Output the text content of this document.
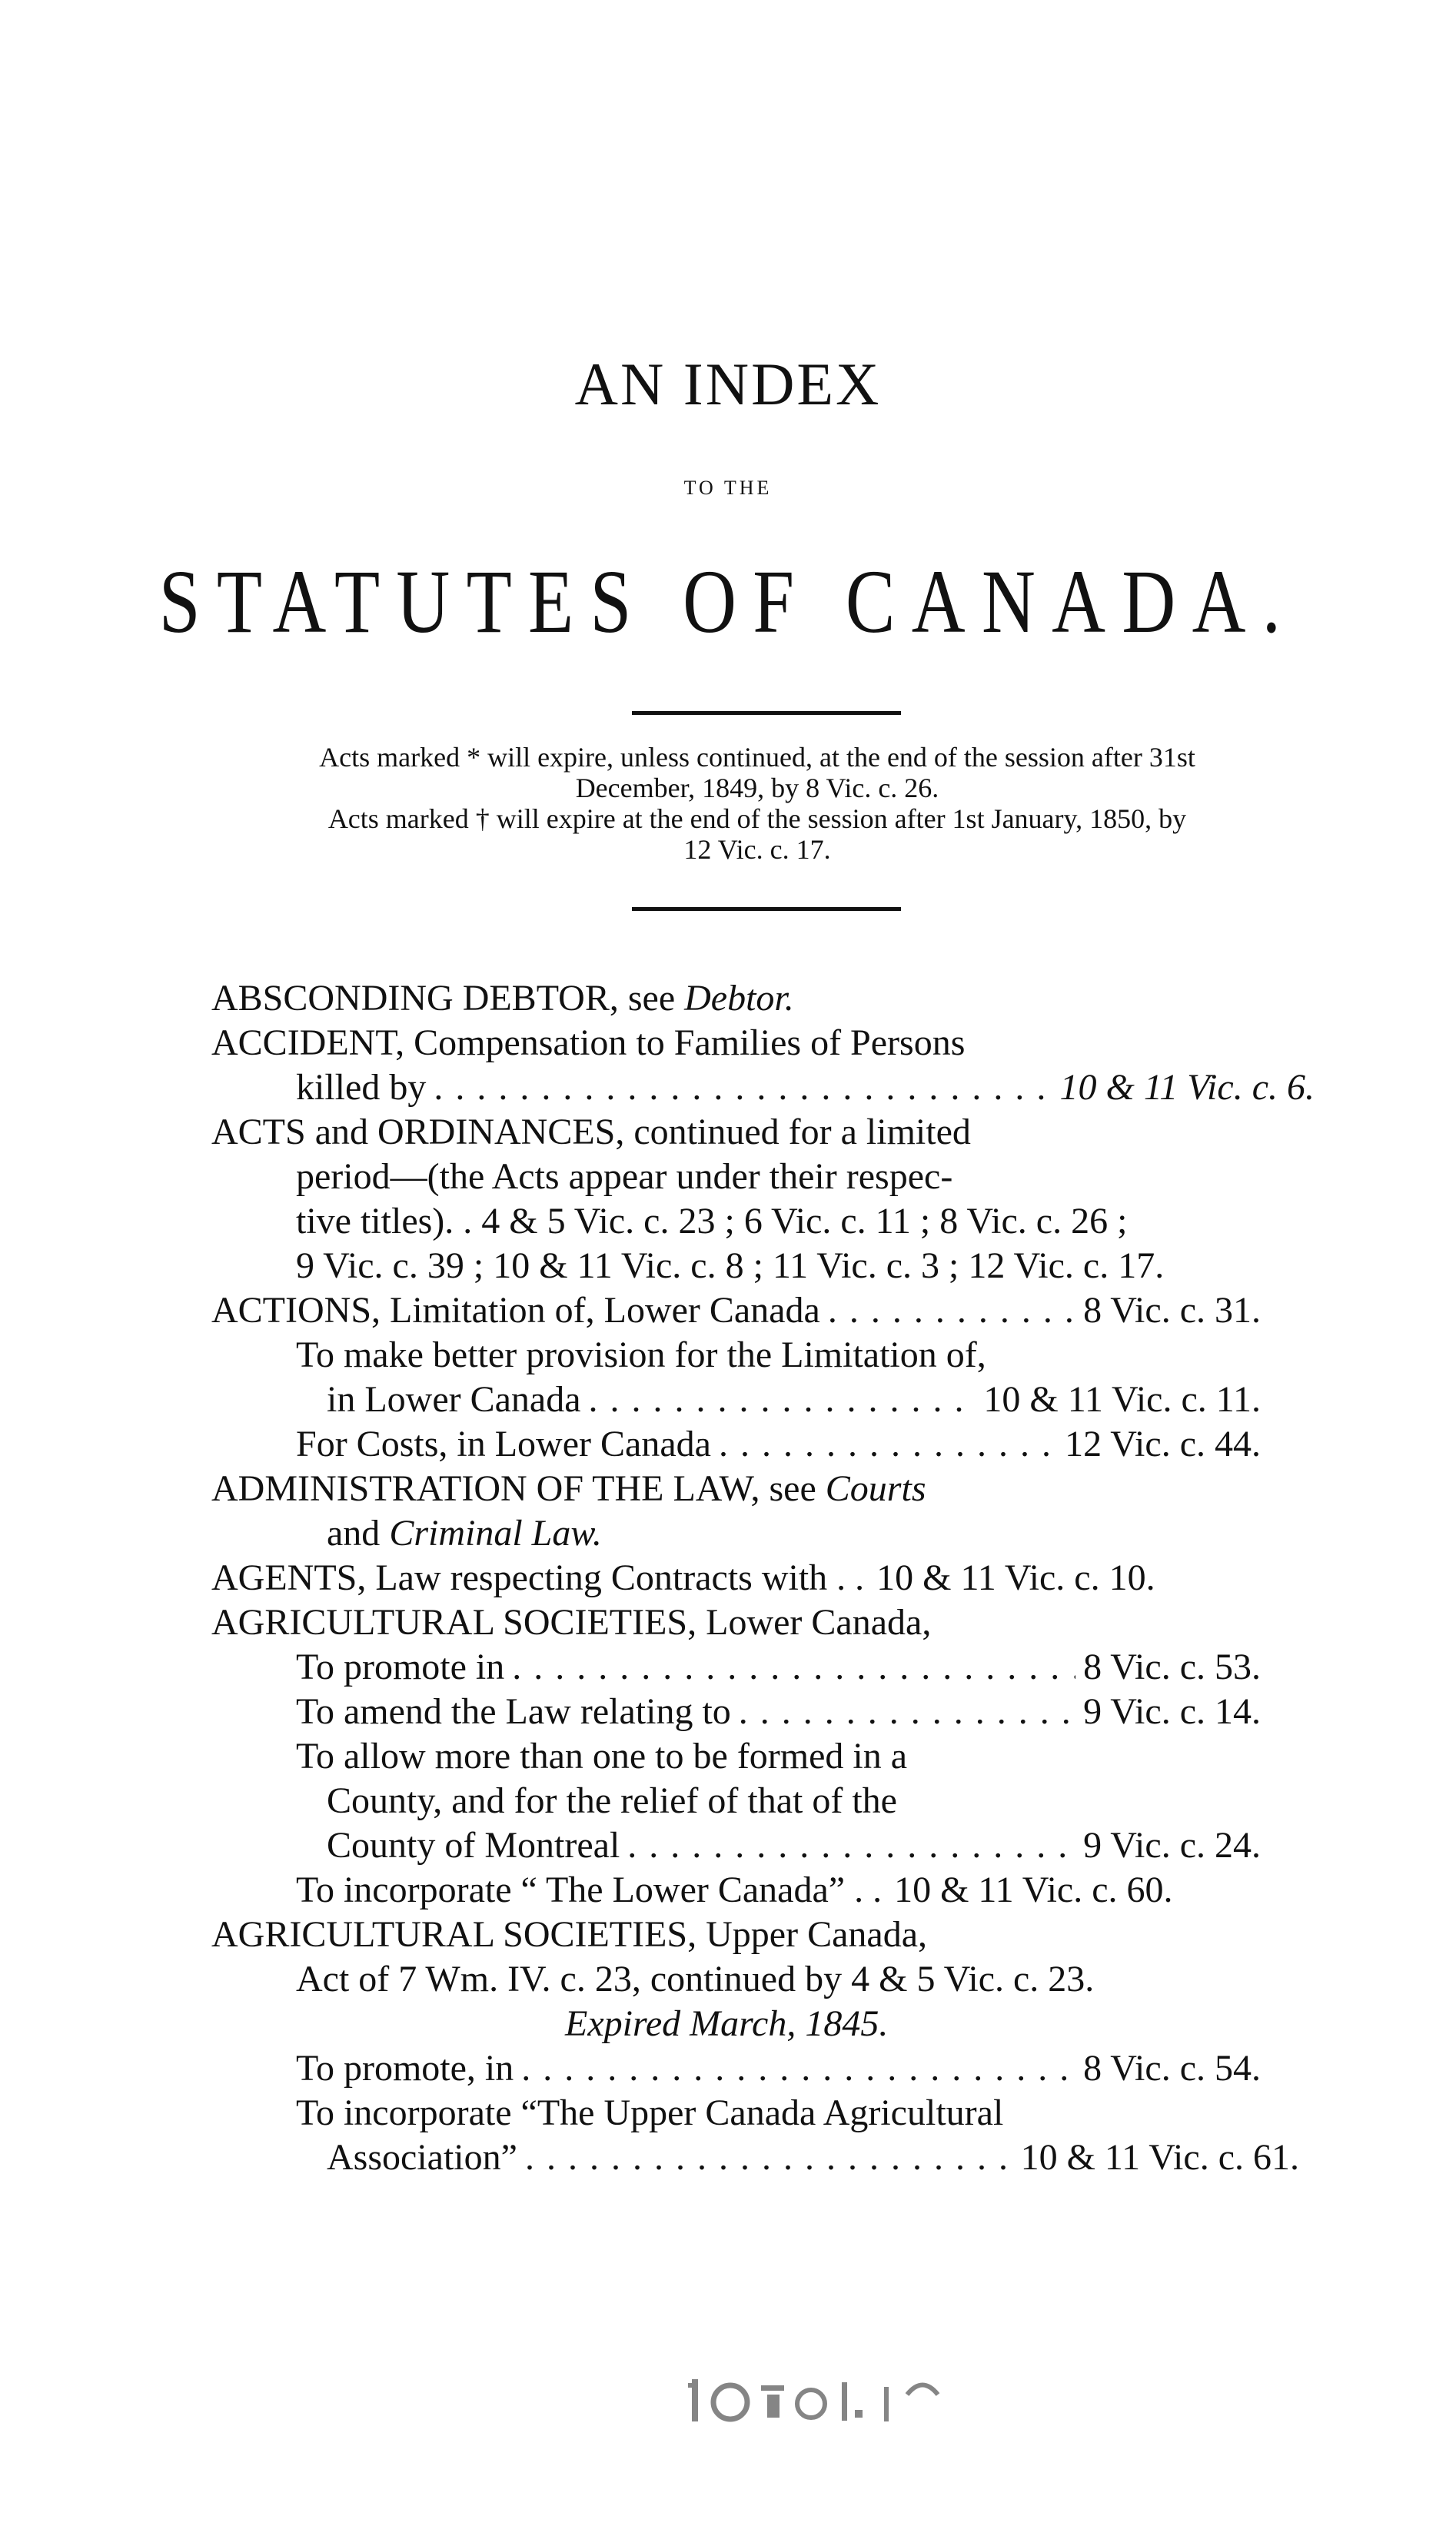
AN INDEX
TO THE
STATUTES OF CANADA.

Acts marked * will expire, unless continued, at the end of the session after 31st

December, 1849, by 8 Vic. c. 26.

Acts marked † will expire at the end of the session after 1st January, 1850, by

12 Vic. c. 17.

ABSCONDING DEBTOR, see Debtor.
ACCIDENT, Compensation to Families of Persons
killed by . . .	10 & 11 Vic. c. 6.
ACTS and ORDINANCES, continued for a limited
period—(the Acts appear under their respec-
tive titles). . 4 & 5 Vic. c. 23 ; 6 Vic. c. 11 ; 8 Vic. c. 26 ;
9 Vic. c. 39 ; 10 & 11 Vic. c. 8 ; 11 Vic. c. 3 ; 12 Vic. c. 17.
ACTIONS, Limitation of, Lower Canada . . .	8 Vic. c. 31.
To make better provision for the Limitation of,
in Lower Canada . . .	10 & 11 Vic. c. 11.
For Costs, in Lower Canada . . .	12 Vic. c. 44.
ADMINISTRATION OF THE LAW, see Courts
and Criminal Law.
AGENTS, Law respecting Contracts with . . 10 & 11 Vic. c. 10.
AGRICULTURAL SOCIETIES, Lower Canada,
To promote in . . .	8 Vic. c. 53.
To amend the Law relating to . . .	9 Vic. c. 14.
To allow more than one to be formed in a
County, and for the relief of that of the
County of Montreal . . .	9 Vic. c. 24.
To incorporate “ The Lower Canada” . . 10 & 11 Vic. c. 60.
AGRICULTURAL SOCIETIES, Upper Canada,
Act of 7 Wm. IV. c. 23, continued by 4 & 5 Vic. c. 23.
Expired March, 1845.
To promote, in . . .	8 Vic. c. 54.
To incorporate “The Upper Canada Agricultural
Association” . . .	10 & 11 Vic. c. 61.
